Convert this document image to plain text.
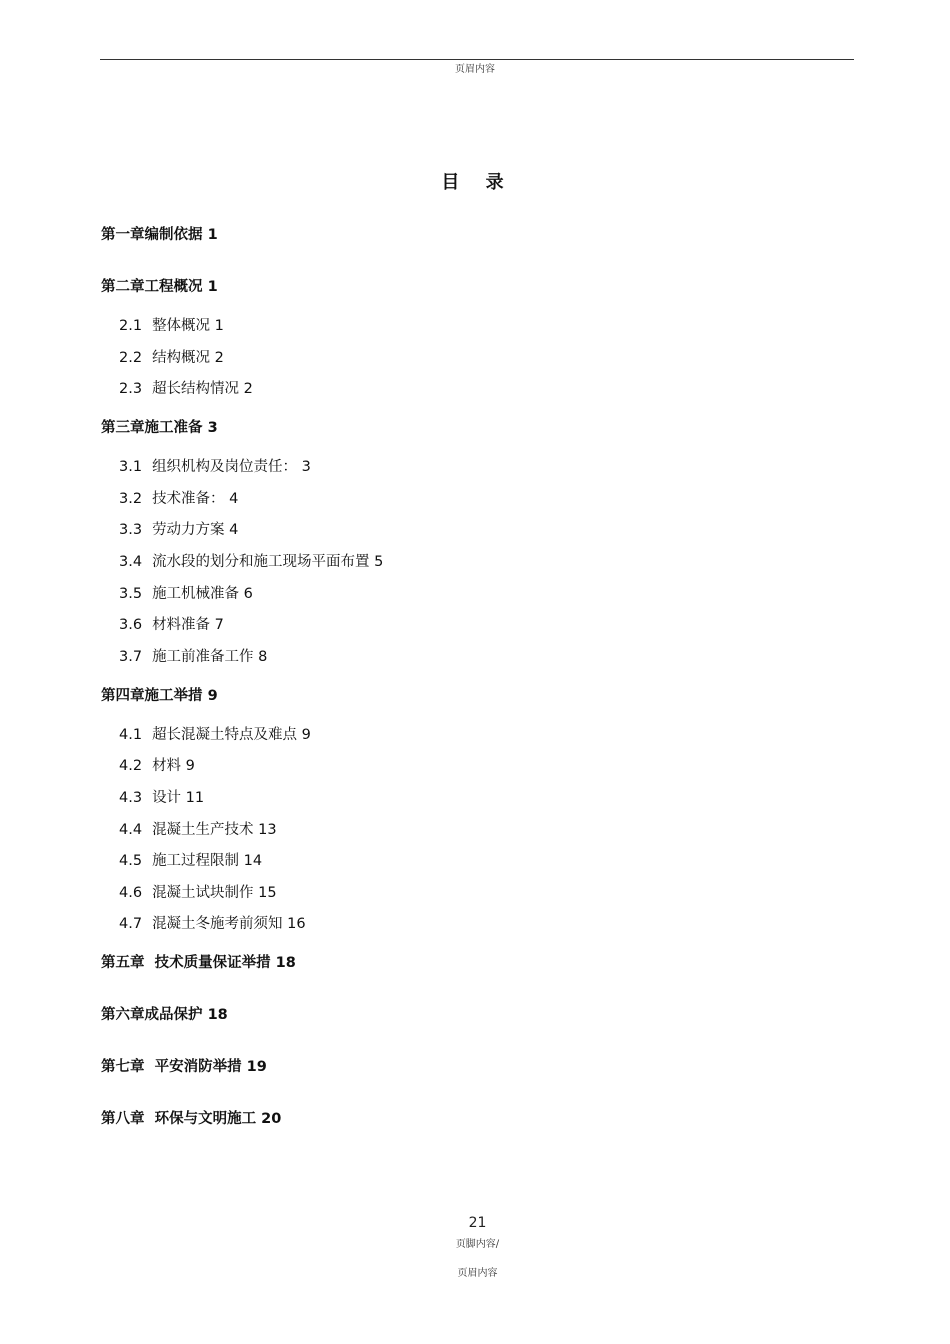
页眉内容
目 录
第一章编制依据 1
第二章工程概况 1
2.1 整体概况 1
2.2 结构概况 2
2.3 超长结构情况 2
第三章施工准备 3
3.1 组织机构及岗位责任： 3
3.2 技术准备： 4
3.3 劳动力方案 4
3.4 流水段的划分和施工现场平面布置 5
3.5 施工机械准备 6
3.6 材料准备 7
3.7 施工前准备工作 8
第四章施工举措 9
4.1 超长混凝土特点及难点 9
4.2 材料 9
4.3 设计 11
4.4 混凝土生产技术 13
4.5 施工过程限制 14
4.6 混凝土试块制作 15
4.7 混凝土冬施考前须知 16
第五章  技术质量保证举措 18
第六章成品保护 18
第七章  平安消防举措 19
第八章  环保与文明施工 20
21
页脚内容/
页眉内容
